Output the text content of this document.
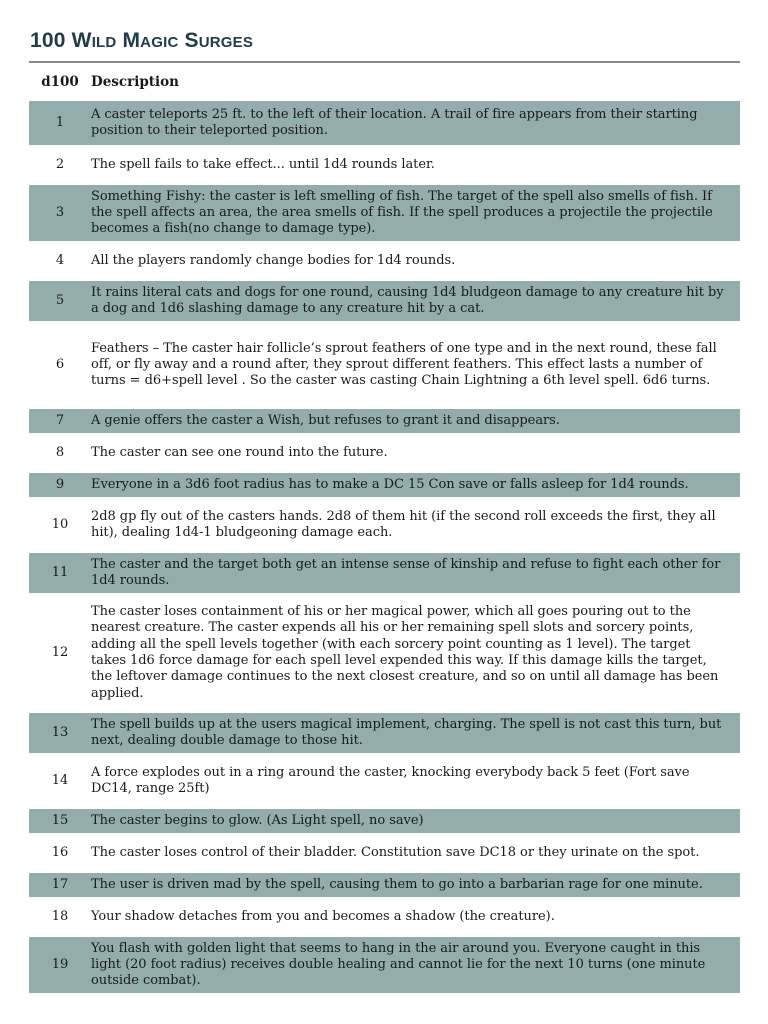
100 Wild Magic Surges
d100	Description
1	A caster teleports 25 ft. to the left of their location. A trail of fire appears from their starting position to their teleported position.
2	The spell fails to take effect... until 1d4 rounds later.
3	Something Fishy: the caster is left smelling of fish. The target of the spell also smells of fish. If the spell affects an area, the area smells of fish. If the spell produces a projectile the projectile becomes a fish(no change to damage type).
4	All the players randomly change bodies for 1d4 rounds.
5	It rains literal cats and dogs for one round, causing 1d4 bludgeon damage to any creature hit by a dog and 1d6 slashing damage to any creature hit by a cat.
6	Feathers – The caster hair follicle’s sprout feathers of one type and in the next round, these fall off, or fly away and a round after, they sprout different feathers. This effect lasts a number of turns = d6+spell level . So the caster was casting Chain Lightning a 6th level spell. 6d6 turns.
7	A genie offers the caster a Wish, but refuses to grant it and disappears.
8	The caster can see one round into the future.
9	Everyone in a 3d6 foot radius has to make a DC 15 Con save or falls asleep for 1d4 rounds.
10	2d8 gp fly out of the casters hands. 2d8 of them hit (if the second roll exceeds the first, they all hit), dealing 1d4-1 bludgeoning damage each.
11	The caster and the target both get an intense sense of kinship and refuse to fight each other for 1d4 rounds.
12	The caster loses containment of his or her magical power, which all goes pouring out to the nearest creature. The caster expends all his or her remaining spell slots and sorcery points, adding all the spell levels together (with each sorcery point counting as 1 level). The target takes 1d6 force damage for each spell level expended this way. If this damage kills the target, the leftover damage continues to the next closest creature, and so on until all damage has been applied.
13	The spell builds up at the users magical implement, charging. The spell is not cast this turn, but next, dealing double damage to those hit.
14	A force explodes out in a ring around the caster, knocking everybody back 5 feet (Fort save DC14, range 25ft)
15	The caster begins to glow. (As Light spell, no save)
16	The caster loses control of their bladder. Constitution save DC18 or they urinate on the spot.
17	The user is driven mad by the spell, causing them to go into a barbarian rage for one minute.
18	Your shadow detaches from you and becomes a shadow (the creature).
19	You flash with golden light that seems to hang in the air around you. Everyone caught in this light (20 foot radius) receives double healing and cannot lie for the next 10 turns (one minute outside combat).
